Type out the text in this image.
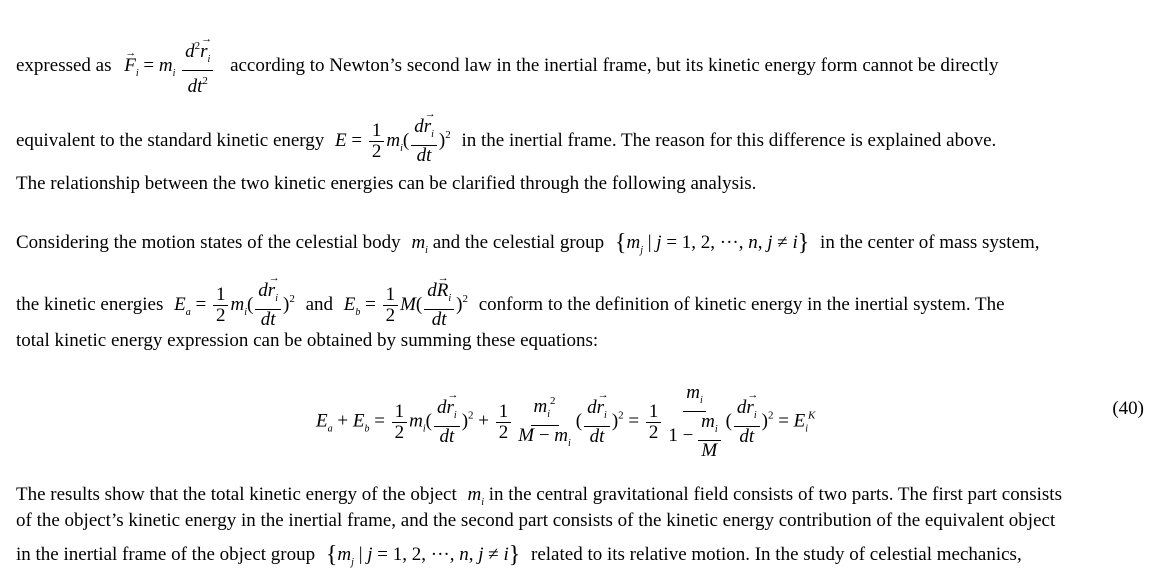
expressed as → $F_i = m_i \frac{d^2\to r_i}{dt^2}$ according to Newton’s second law in the inertial frame, but its kinetic energy form cannot be directly
equivalent to the standard kinetic energy $E = \frac{1}{2} m_i( \frac{d\to r_i}{dt} )^2$ in the inertial frame. The reason for this difference is explained above.
The relationship between the two kinetic energies can be clarified through the following analysis.
Considering the motion states of the celestial body $m_i$ and the celestial group {$m_j$ | j = 1, 2, ···, n, j ≠ i} in the center of mass system,
the kinetic energies $E_a = \frac{1}{2} m_i( \frac{d\to r_i}{dt} )^2$ and $E_b = \frac{1}{2} M( \frac{d\to R_i}{dt} )^2$ conform to the definition of kinetic energy in the inertial system. The
total kinetic energy expression can be obtained by summing these equations:
$E_a + E_b = \frac{1}{2} m_i( \frac{d\to r_i}{dt} )^2 + \frac{1}{2} \frac{m_i^2}{M - m_i}$ ( $\frac{d\to r_i}{dt} )^2 = \frac{1}{2} \frac{m_i}{1 - \frac{m_i}{M}}$ ( $\frac{d\to r_i}{dt} )^2 = E_i^K$	(40)
The results show that the total kinetic energy of the object $m_i$ in the central gravitational field consists of two parts. The first part consists
of the object’s kinetic energy in the inertial frame, and the second part consists of the kinetic energy contribution of the equivalent object
in the inertial frame of the object group {$m_j$ | j = 1, 2, ···, n, j ≠ i} related to its relative motion. In the study of celestial mechanics,
